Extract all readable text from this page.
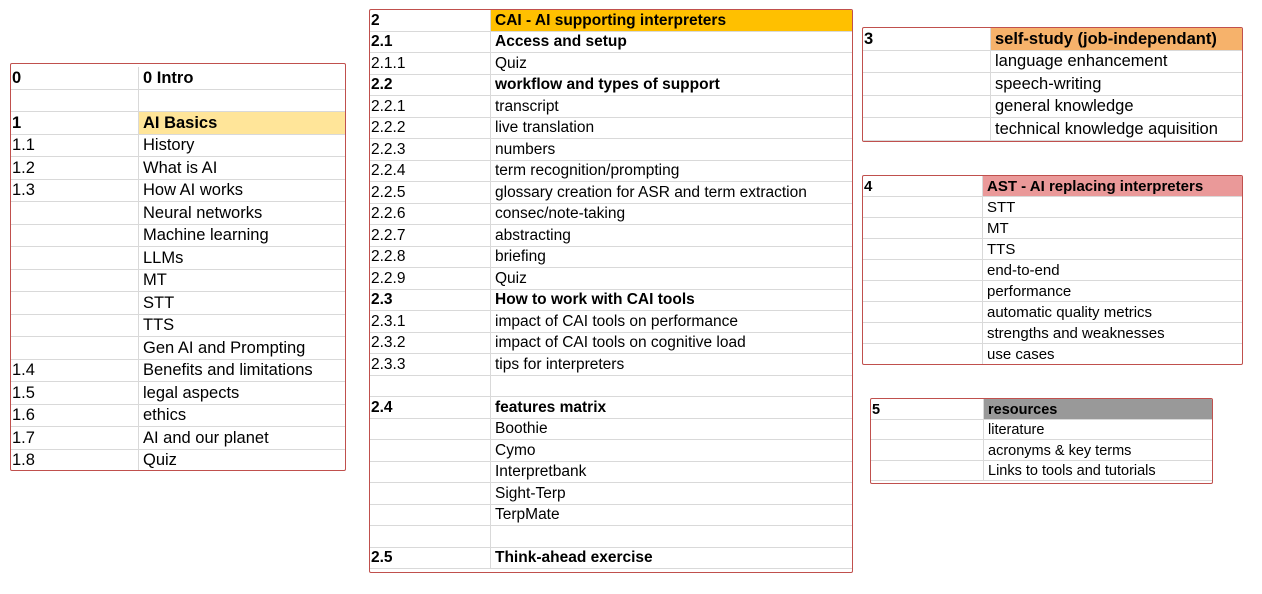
0	0 Intro
1	AI Basics
1.1	History
1.2	What is AI
1.3	How AI works
Neural networks
Machine learning
LLMs
MT
STT
TTS
Gen AI and Prompting
1.4	Benefits and limitations
1.5	legal aspects
1.6	ethics
1.7	AI and our planet
1.8	Quiz
2	CAI - AI supporting interpreters
2.1	Access and setup
2.1.1	Quiz
2.2	workflow and types of support
2.2.1	transcript
2.2.2	live translation
2.2.3	numbers
2.2.4	term recognition/prompting
2.2.5	glossary creation for ASR and term extraction
2.2.6	consec/note-taking
2.2.7	abstracting
2.2.8	briefing
2.2.9	Quiz
2.3	How to work with CAI tools
2.3.1	impact of CAI tools on performance
2.3.2	impact of CAI tools on cognitive load
2.3.3	tips for interpreters
2.4	features matrix
Boothie
Cymo
Interpretbank
Sight-Terp
TerpMate
2.5	Think-ahead exercise
3	self-study (job-independant)
language enhancement
speech-writing
general knowledge
technical knowledge aquisition
4	AST - AI replacing interpreters
STT
MT
TTS
end-to-end
performance
automatic quality metrics
strengths and weaknesses
use cases
5	resources
literature
acronyms & key terms
Links to tools and tutorials
